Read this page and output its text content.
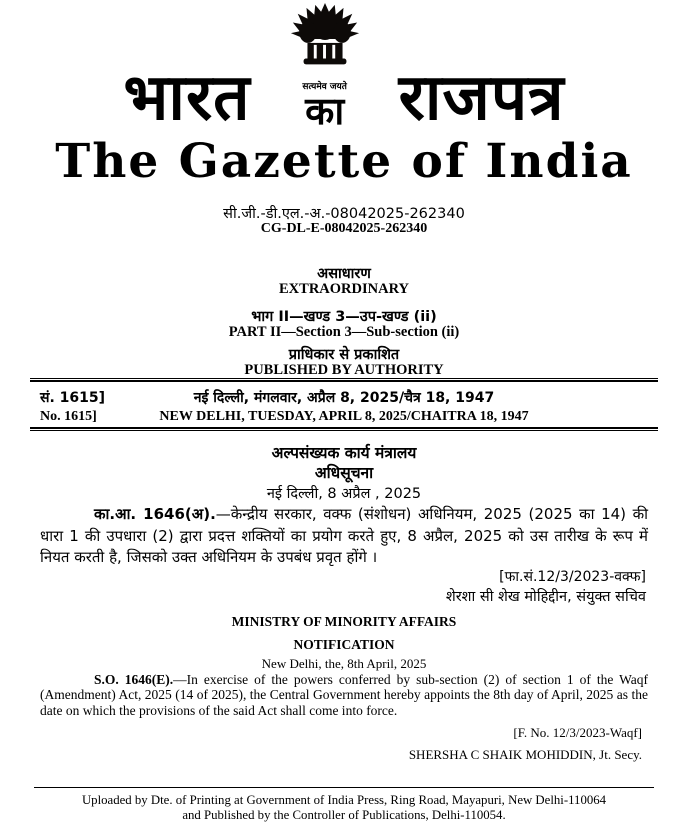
भारत	सत्यमेव जयते
का राजपत्र
The Gazette of India
सी.जी.-डी.एल.-अ.-08042025-262340
CG-DL-E-08042025-262340
असाधारण
EXTRAORDINARY
भाग II—खण्ड 3—उप-खण्ड (ii)
PART II—Section 3—Sub-section (ii)
प्राधिकार से प्रकाशित
PUBLISHED BY AUTHORITY
सं. 1615]	नई दिल्ली, मंगलवार, अप्रैल 8, 2025/चैत्र 18, 1947
No. 1615]	NEW DELHI, TUESDAY, APRIL 8, 2025/CHAITRA 18, 1947
अल्पसंख्यक कार्य मंत्रालय
अधिसूचना
नई दिल्ली, 8 अप्रैल , 2025
का.आ. 1646(अ).—केन्द्रीय सरकार, वक्फ (संशोधन) अधिनियम, 2025 (2025 का 14) की धारा 1 की उपधारा (2) द्वारा प्रदत्त शक्तियों का प्रयोग करते हुए, 8 अप्रैल, 2025 को उस तारीख के रूप में नियत करती है, जिसको उक्त अधिनियम के उपबंध प्रवृत होंगे ।
[फा.सं.12/3/2023-वक्फ]
शेरशा सी शेख मोहिद्दीन, संयुक्त सचिव
MINISTRY OF MINORITY AFFAIRS
NOTIFICATION
New Delhi, the, 8th April, 2025
S.O. 1646(E).—In exercise of the powers conferred by sub-section (2) of section 1 of the Waqf (Amendment) Act, 2025 (14 of 2025), the Central Government hereby appoints the 8th day of April, 2025 as the date on which the provisions of the said Act shall come into force.
[F. No. 12/3/2023-Waqf]
SHERSHA C SHAIK MOHIDDIN, Jt. Secy.
Uploaded by Dte. of Printing at Government of India Press, Ring Road, Mayapuri, New Delhi-110064
and Published by the Controller of Publications, Delhi-110054.
